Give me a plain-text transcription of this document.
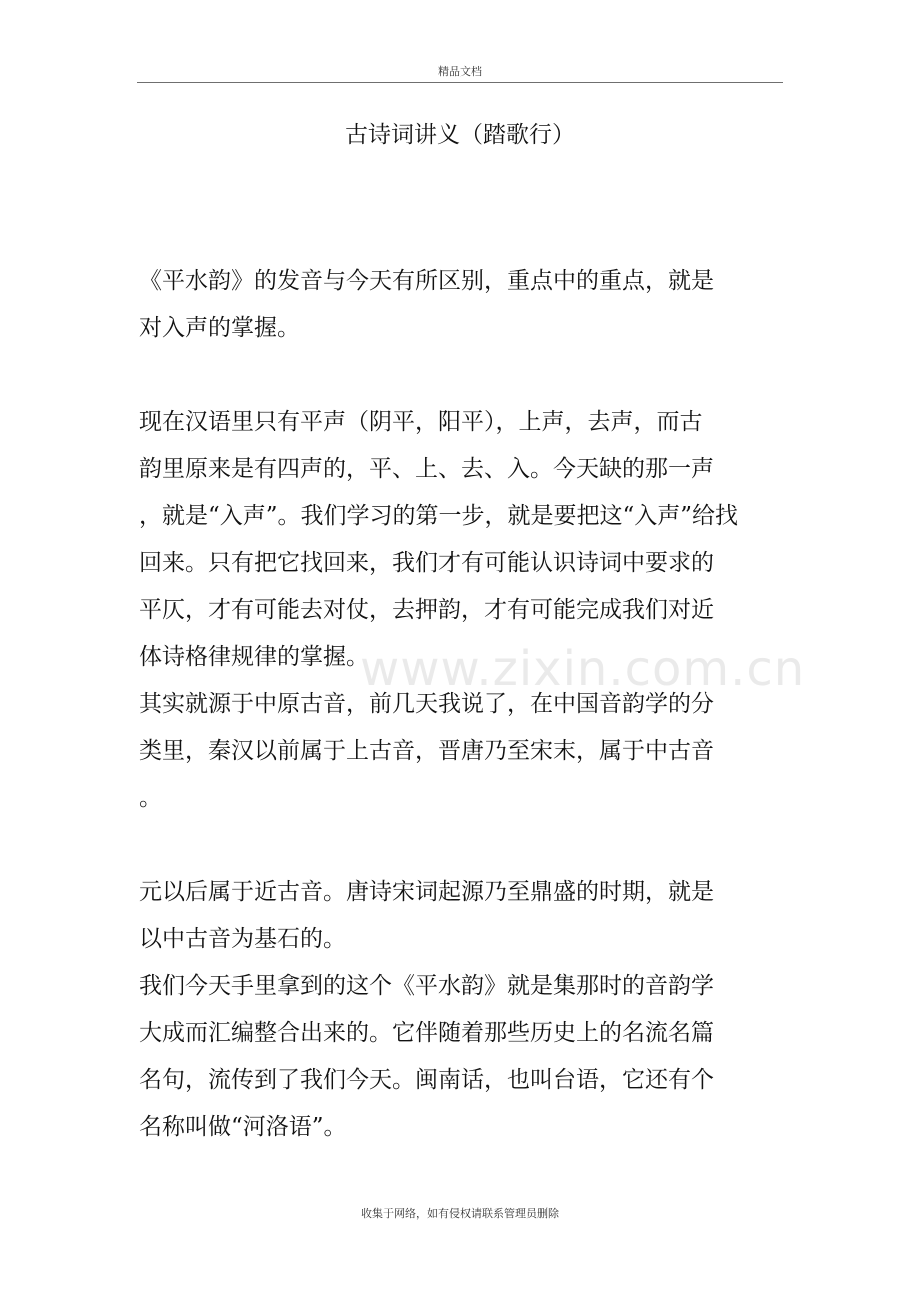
精品文档
古诗词讲义（踏歌行）

《平水韵》的发音与今天有所区别，重点中的重点，就是
对入声的掌握。

现在汉语里只有平声（阴平，阳平），上声，去声，而古
韵里原来是有四声的，平、上、去、入。今天缺的那一声
，就是“入声”。我们学习的第一步，就是要把这“入声”给找
回来。只有把它找回来，我们才有可能认识诗词中要求的
平仄，才有可能去对仗，去押韵，才有可能完成我们对近
体诗格律规律的掌握。

其实就源于中原古音，前几天我说了，在中国音韵学的分
类里，秦汉以前属于上古音，晋唐乃至宋末，属于中古音
。

元以后属于近古音。唐诗宋词起源乃至鼎盛的时期，就是
以中古音为基石的。

我们今天手里拿到的这个《平水韵》就是集那时的音韵学
大成而汇编整合出来的。它伴随着那些历史上的名流名篇
名句，流传到了我们今天。闽南话，也叫台语，它还有个
名称叫做“河洛语”。

www.zixin.com.cn
收集于网络，如有侵权请联系管理员删除
